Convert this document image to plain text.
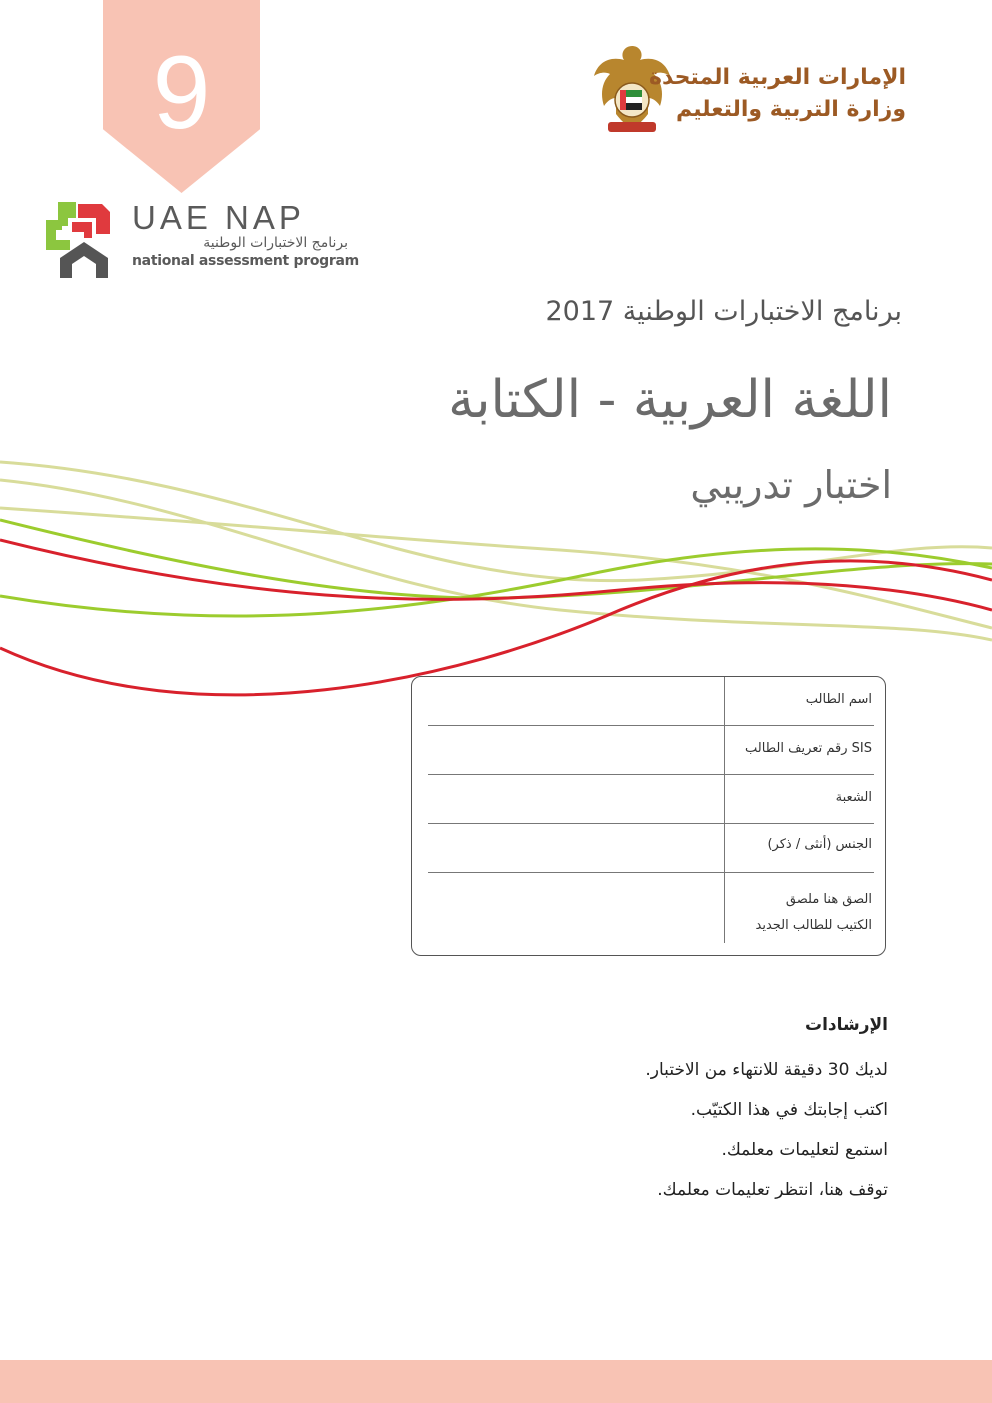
9
UAE NAP
برنامج الاختبارات الوطنية
national assessment program
الإمارات العربية المتحدة
وزارة التربية والتعليم
برنامج الاختبارات الوطنية 2017
اللغة العربية - الكتابة
اختبار تدريبي
اسم الطالب
SIS رقم تعريف الطالب
الشعبة
الجنس (أنثى / ذكر)
الصق هنا ملصق
الكتيب للطالب الجديد
الإرشادات
لديك 30 دقيقة للانتهاء من الاختبار.
اكتب إجابتك في هذا الكتيّب.
استمع لتعليمات معلمك.
توقف هنا، انتظر تعليمات معلمك.
